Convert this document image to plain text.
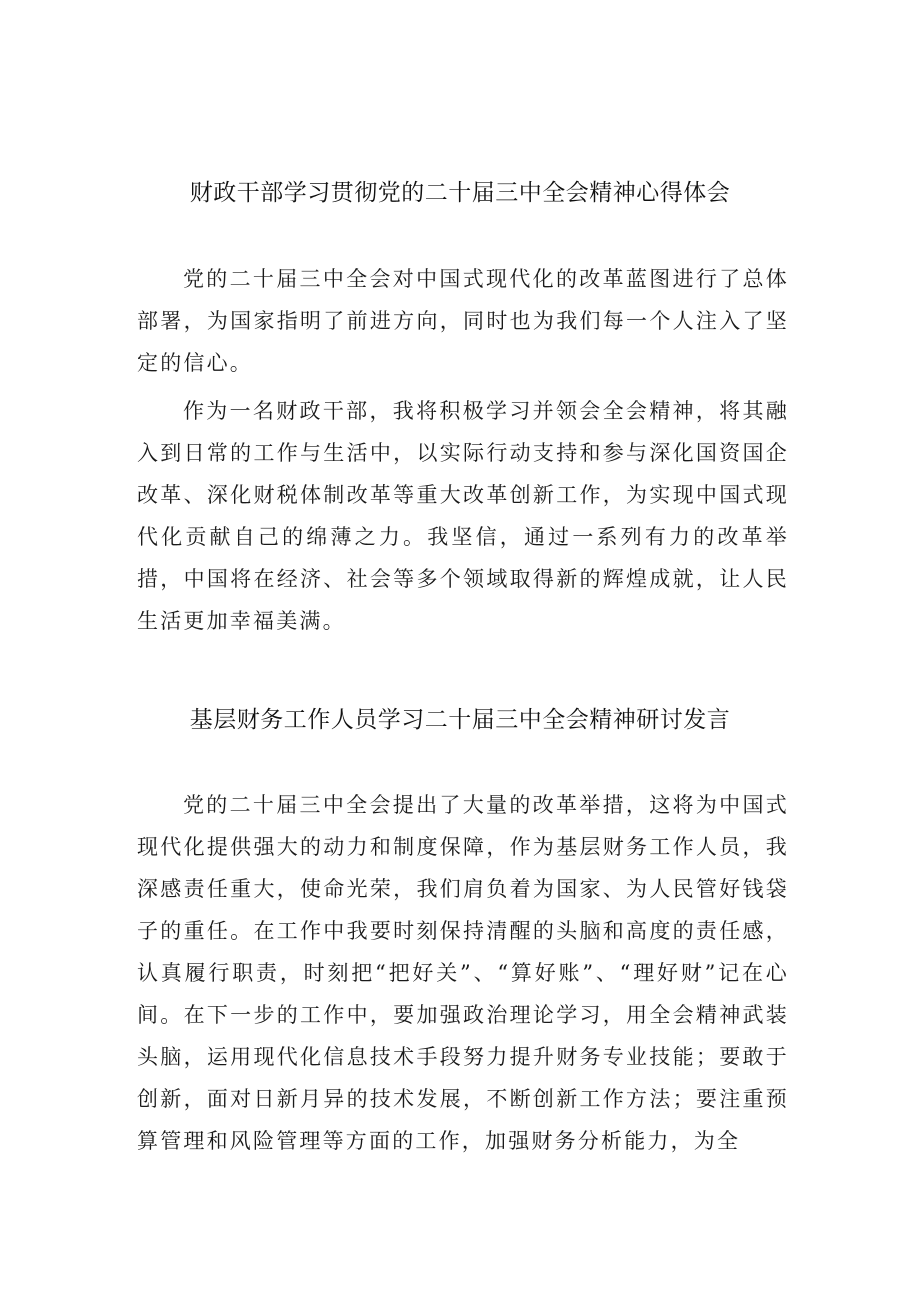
财政干部学习贯彻党的二十届三中全会精神心得体会

党的二十届三中全会对中国式现代化的改革蓝图进行了总体部署，为国家指明了前进方向，同时也为我们每一个人注入了坚定的信心。

作为一名财政干部，我将积极学习并领会全会精神，将其融入到日常的工作与生活中，以实际行动支持和参与深化国资国企改革、深化财税体制改革等重大改革创新工作，为实现中国式现代化贡献自己的绵薄之力。我坚信，通过一系列有力的改革举措，中国将在经济、社会等多个领域取得新的辉煌成就，让人民生活更加幸福美满。

基层财务工作人员学习二十届三中全会精神研讨发言

党的二十届三中全会提出了大量的改革举措，这将为中国式现代化提供强大的动力和制度保障，作为基层财务工作人员，我深感责任重大，使命光荣，我们肩负着为国家、为人民管好钱袋子的重任。在工作中我要时刻保持清醒的头脑和高度的责任感，认真履行职责，时刻把“把好关”、“算好账”、“理好财”记在心间。在下一步的工作中，要加强政治理论学习，用全会精神武装头脑，运用现代化信息技术手段努力提升财务专业技能；要敢于创新，面对日新月异的技术发展，不断创新工作方法；要注重预算管理和风险管理等方面的工作，加强财务分析能力，为全
